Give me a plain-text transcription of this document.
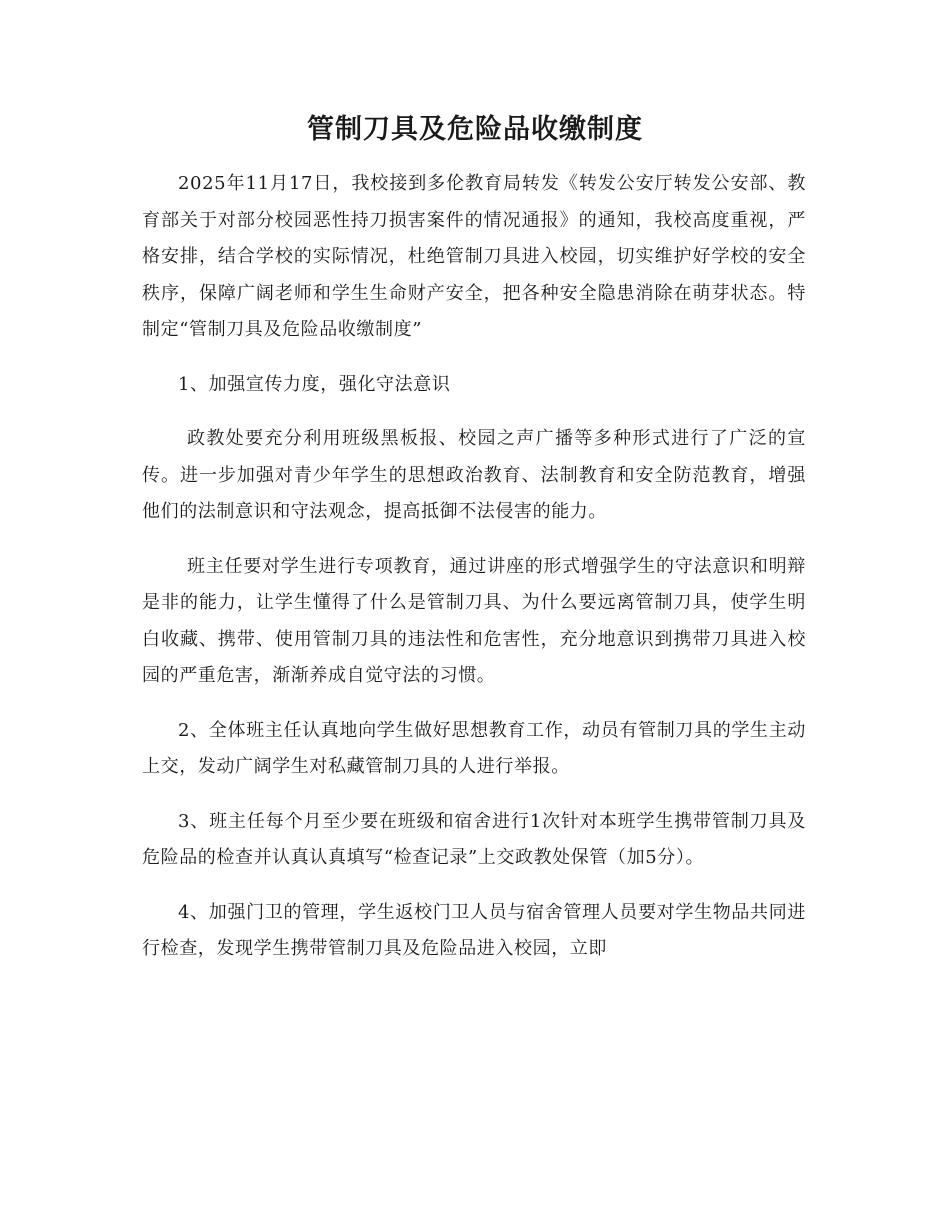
管制刀具及危险品收缴制度

2025年11月17日，我校接到多伦教育局转发《转发公安厅转发公安部、教育部关于对部分校园恶性持刀损害案件的情况通报》的通知，我校高度重视，严格安排，结合学校的实际情况，杜绝管制刀具进入校园，切实维护好学校的安全秩序，保障广阔老师和学生生命财产安全，把各种安全隐患消除在萌芽状态。特制定“管制刀具及危险品收缴制度”

1、加强宣传力度，强化守法意识

政教处要充分利用班级黑板报、校园之声广播等多种形式进行了广泛的宣传。进一步加强对青少年学生的思想政治教育、法制教育和安全防范教育，增强他们的法制意识和守法观念，提高抵御不法侵害的能力。

班主任要对学生进行专项教育，通过讲座的形式增强学生的守法意识和明辩是非的能力，让学生懂得了什么是管制刀具、为什么要远离管制刀具，使学生明白收藏、携带、使用管制刀具的违法性和危害性，充分地意识到携带刀具进入校园的严重危害，渐渐养成自觉守法的习惯。

2、全体班主任认真地向学生做好思想教育工作，动员有管制刀具的学生主动上交，发动广阔学生对私藏管制刀具的人进行举报。

3、班主任每个月至少要在班级和宿舍进行1次针对本班学生携带管制刀具及危险品的检查并认真认真填写“检查记录”上交政教处保管（加5分）。

4、加强门卫的管理，学生返校门卫人员与宿舍管理人员要对学生物品共同进行检查，发现学生携带管制刀具及危险品进入校园，立即
